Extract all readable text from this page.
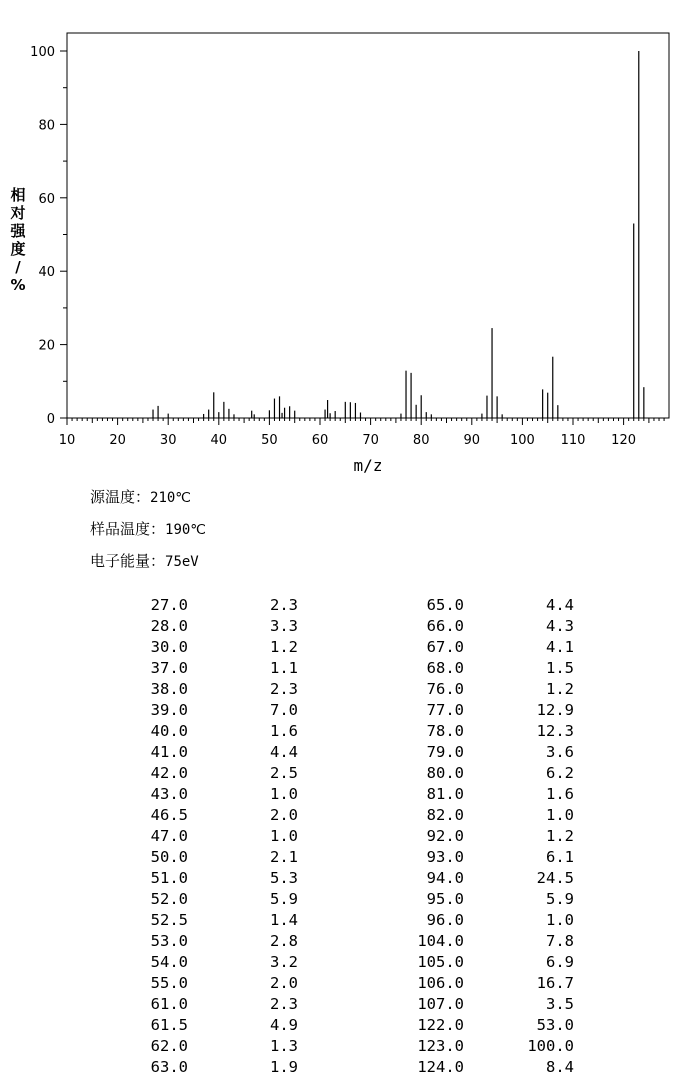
0
20
40
60
80
100
10	20	30	40	50	60	70	80	90 100 110 120
m/z
相对强度/ %
源温度：210℃
样品温度：190℃
电子能量：75eV
27.0	2.3	65.0	4.4
28.0	3.3	66.0	4.3
30.0	1.2	67.0	4.1
37.0	1.1	68.0	1.5
38.0	2.3	76.0	1.2
39.0	7.0	77.0	12.9
40.0	1.6	78.0	12.3
41.0	4.4	79.0	3.6
42.0	2.5	80.0	6.2
43.0	1.0	81.0	1.6
46.5	2.0	82.0	1.0
47.0	1.0	92.0	1.2
50.0	2.1	93.0	6.1
51.0	5.3	94.0	24.5
52.0	5.9	95.0	5.9
52.5	1.4	96.0	1.0
53.0	2.8	104.0	7.8
54.0	3.2	105.0	6.9
55.0	2.0	106.0	16.7
61.0	2.3	107.0	3.5
61.5	4.9	122.0	53.0
62.0	1.3	123.0	100.0
63.0	1.9	124.0	8.4
